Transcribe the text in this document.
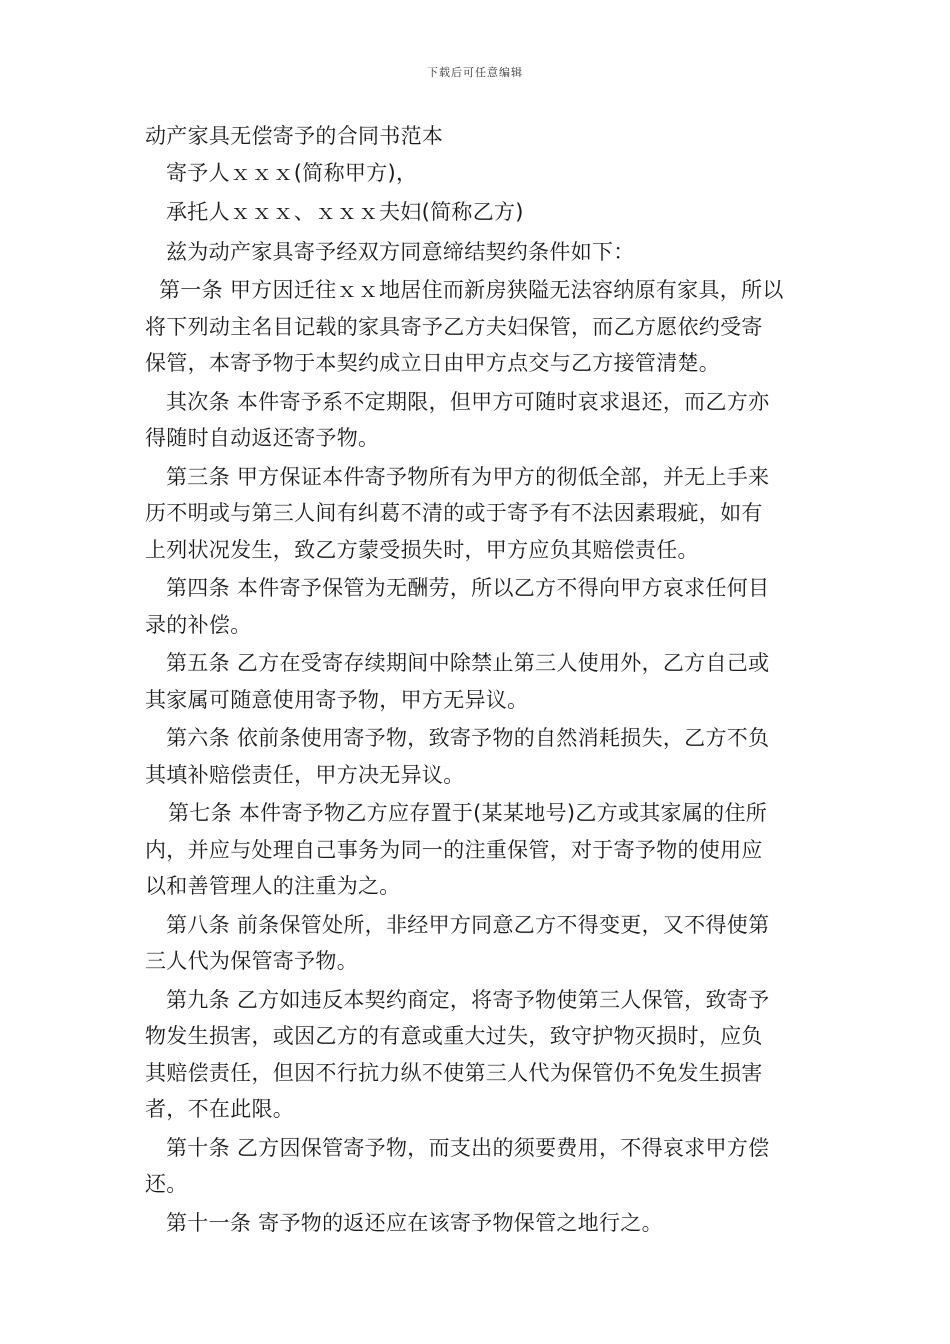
下载后可任意编辑

动产家具无偿寄予的合同书范本

寄予人ｘｘｘ(简称甲方)，

承托人ｘｘｘ、ｘｘｘ夫妇(简称乙方)

兹为动产家具寄予经双方同意缔结契约条件如下：

第一条 甲方因迁往ｘｘ地居住而新房狭隘无法容纳原有家具，所以

将下列动主名目记载的家具寄予乙方夫妇保管，而乙方愿依约受寄

保管，本寄予物于本契约成立日由甲方点交与乙方接管清楚。

其次条 本件寄予系不定期限，但甲方可随时哀求退还，而乙方亦

得随时自动返还寄予物。

第三条 甲方保证本件寄予物所有为甲方的彻低全部，并无上手来

历不明或与第三人间有纠葛不清的或于寄予有不法因素瑕疵，如有

上列状况发生，致乙方蒙受损失时，甲方应负其赔偿责任。

第四条 本件寄予保管为无酬劳，所以乙方不得向甲方哀求任何目

录的补偿。

第五条 乙方在受寄存续期间中除禁止第三人使用外，乙方自己或

其家属可随意使用寄予物，甲方无异议。

第六条 依前条使用寄予物，致寄予物的自然消耗损失，乙方不负

其填补赔偿责任，甲方决无异议。

第七条 本件寄予物乙方应存置于(某某地号)乙方或其家属的住所

内，并应与处理自己事务为同一的注重保管，对于寄予物的使用应

以和善管理人的注重为之。

第八条 前条保管处所，非经甲方同意乙方不得变更，又不得使第

三人代为保管寄予物。

第九条 乙方如违反本契约商定，将寄予物使第三人保管，致寄予

物发生损害，或因乙方的有意或重大过失，致守护物灭损时，应负

其赔偿责任，但因不行抗力纵不使第三人代为保管仍不免发生损害

者，不在此限。

第十条 乙方因保管寄予物，而支出的须要费用，不得哀求甲方偿

还。

第十一条 寄予物的返还应在该寄予物保管之地行之。
